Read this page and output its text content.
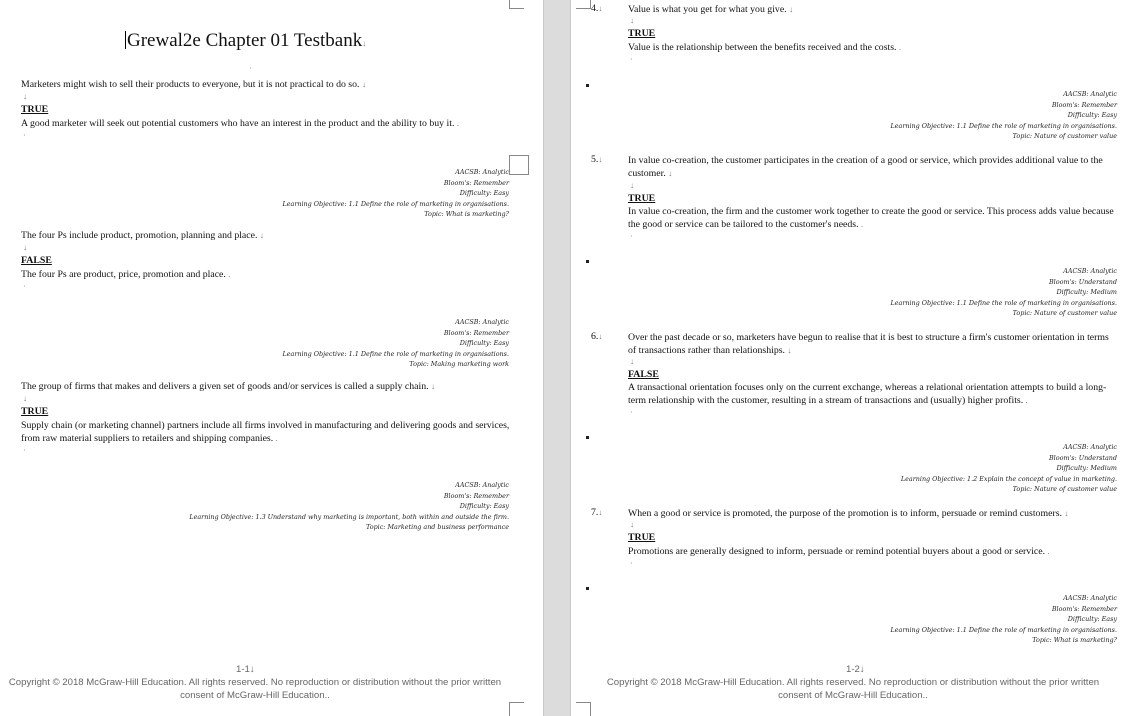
Grewal2e Chapter 01 Testbank↓
·
Marketers might wish to sell their products to everyone, but it is not practical to do so. ↓
↓
TRUE
A good marketer will seek out potential customers who have an interest in the product and the ability to buy it. .
·
AACSB: Analytic
Bloom's: Remember
Difficulty: Easy
Learning Objective: 1.1 Define the role of marketing in organisations.
Topic: What is marketing?
The four Ps include product, promotion, planning and place. ↓
↓
FALSE
The four Ps are product, price, promotion and place. .
·
AACSB: Analytic
Bloom's: Remember
Difficulty: Easy
Learning Objective: 1.1 Define the role of marketing in organisations.
Topic: Making marketing work
The group of firms that makes and delivers a given set of goods and/or services is called a supply chain. ↓
↓
TRUE
Supply chain (or marketing channel) partners include all firms involved in manufacturing and delivering goods and services, from raw material suppliers to retailers and shipping companies. .
·
AACSB: Analytic
Bloom's: Remember
Difficulty: Easy
Learning Objective: 1.3 Understand why marketing is important, both within and outside the firm.
Topic: Marketing and business performance
1-1↓
Copyright © 2018 McGraw-Hill Education. All rights reserved. No reproduction or distribution without the prior written
consent of McGraw-Hill Education..
4.↓	Value is what you get for what you give. ↓
↓
TRUE
Value is the relationship between the benefits received and the costs. .
·
AACSB: Analytic
Bloom's: Remember
Difficulty: Easy
Learning Objective: 1.1 Define the role of marketing in organisations.
Topic: Nature of customer value
5.↓	In value co-creation, the customer participates in the creation of a good or service, which provides additional value to the customer. ↓
↓
TRUE
In value co-creation, the firm and the customer work together to create the good or service. This process adds value because the good or service can be tailored to the customer's needs. .
·
AACSB: Analytic
Bloom's: Understand
Difficulty: Medium
Learning Objective: 1.1 Define the role of marketing in organisations.
Topic: Nature of customer value
6.↓	Over the past decade or so, marketers have begun to realise that it is best to structure a firm's customer orientation in terms of transactions rather than relationships. ↓
↓
FALSE
A transactional orientation focuses only on the current exchange, whereas a relational orientation attempts to build a long-term relationship with the customer, resulting in a stream of transactions and (usually) higher profits. .
·
AACSB: Analytic
Bloom's: Understand
Difficulty: Medium
Learning Objective: 1.2 Explain the concept of value in marketing.
Topic: Nature of customer value
7.↓	When a good or service is promoted, the purpose of the promotion is to inform, persuade or remind customers. ↓
↓
TRUE
Promotions are generally designed to inform, persuade or remind potential buyers about a good or service. .
·
AACSB: Analytic
Bloom's: Remember
Difficulty: Easy
Learning Objective: 1.1 Define the role of marketing in organisations.
Topic: What is marketing?
1-2↓
Copyright © 2018 McGraw-Hill Education. All rights reserved. No reproduction or distribution without the prior written
consent of McGraw-Hill Education..
